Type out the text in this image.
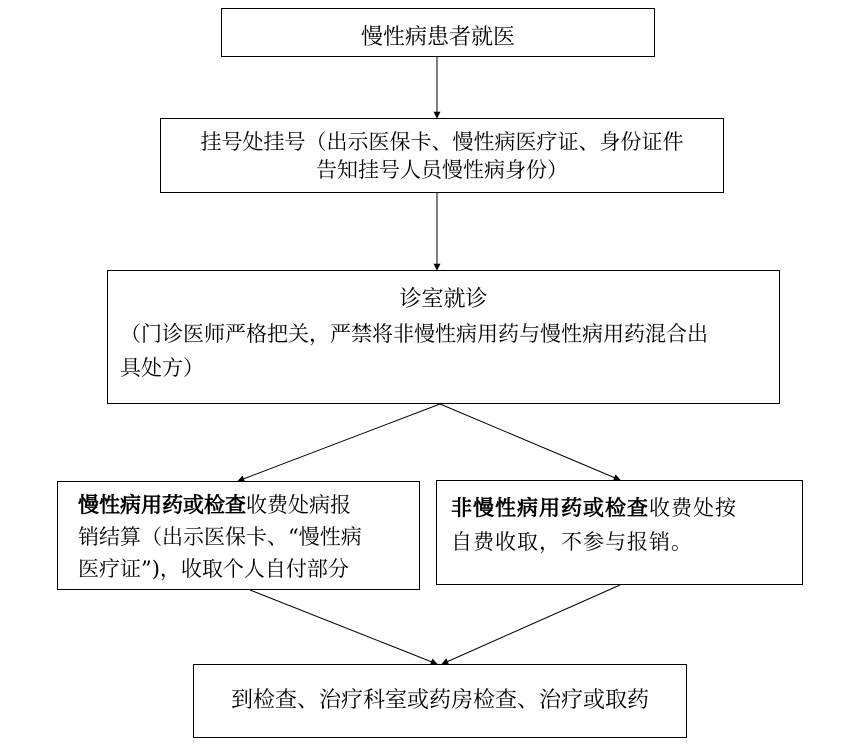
慢性病患者就医
挂号处挂号（出示医保卡、慢性病医疗证、身份证件
告知挂号人员慢性病身份）
诊室就诊
（门诊医师严格把关，严禁将非慢性病用药与慢性病用药混合出
具处方）
慢性病用药或检查收费处病报
销结算（出示医保卡、“慢性病
医疗证”)，收取个人自付部分
非慢性病用药或检查收费处按
自费收取，不参与报销。
到检查、治疗科室或药房检查、治疗或取药
